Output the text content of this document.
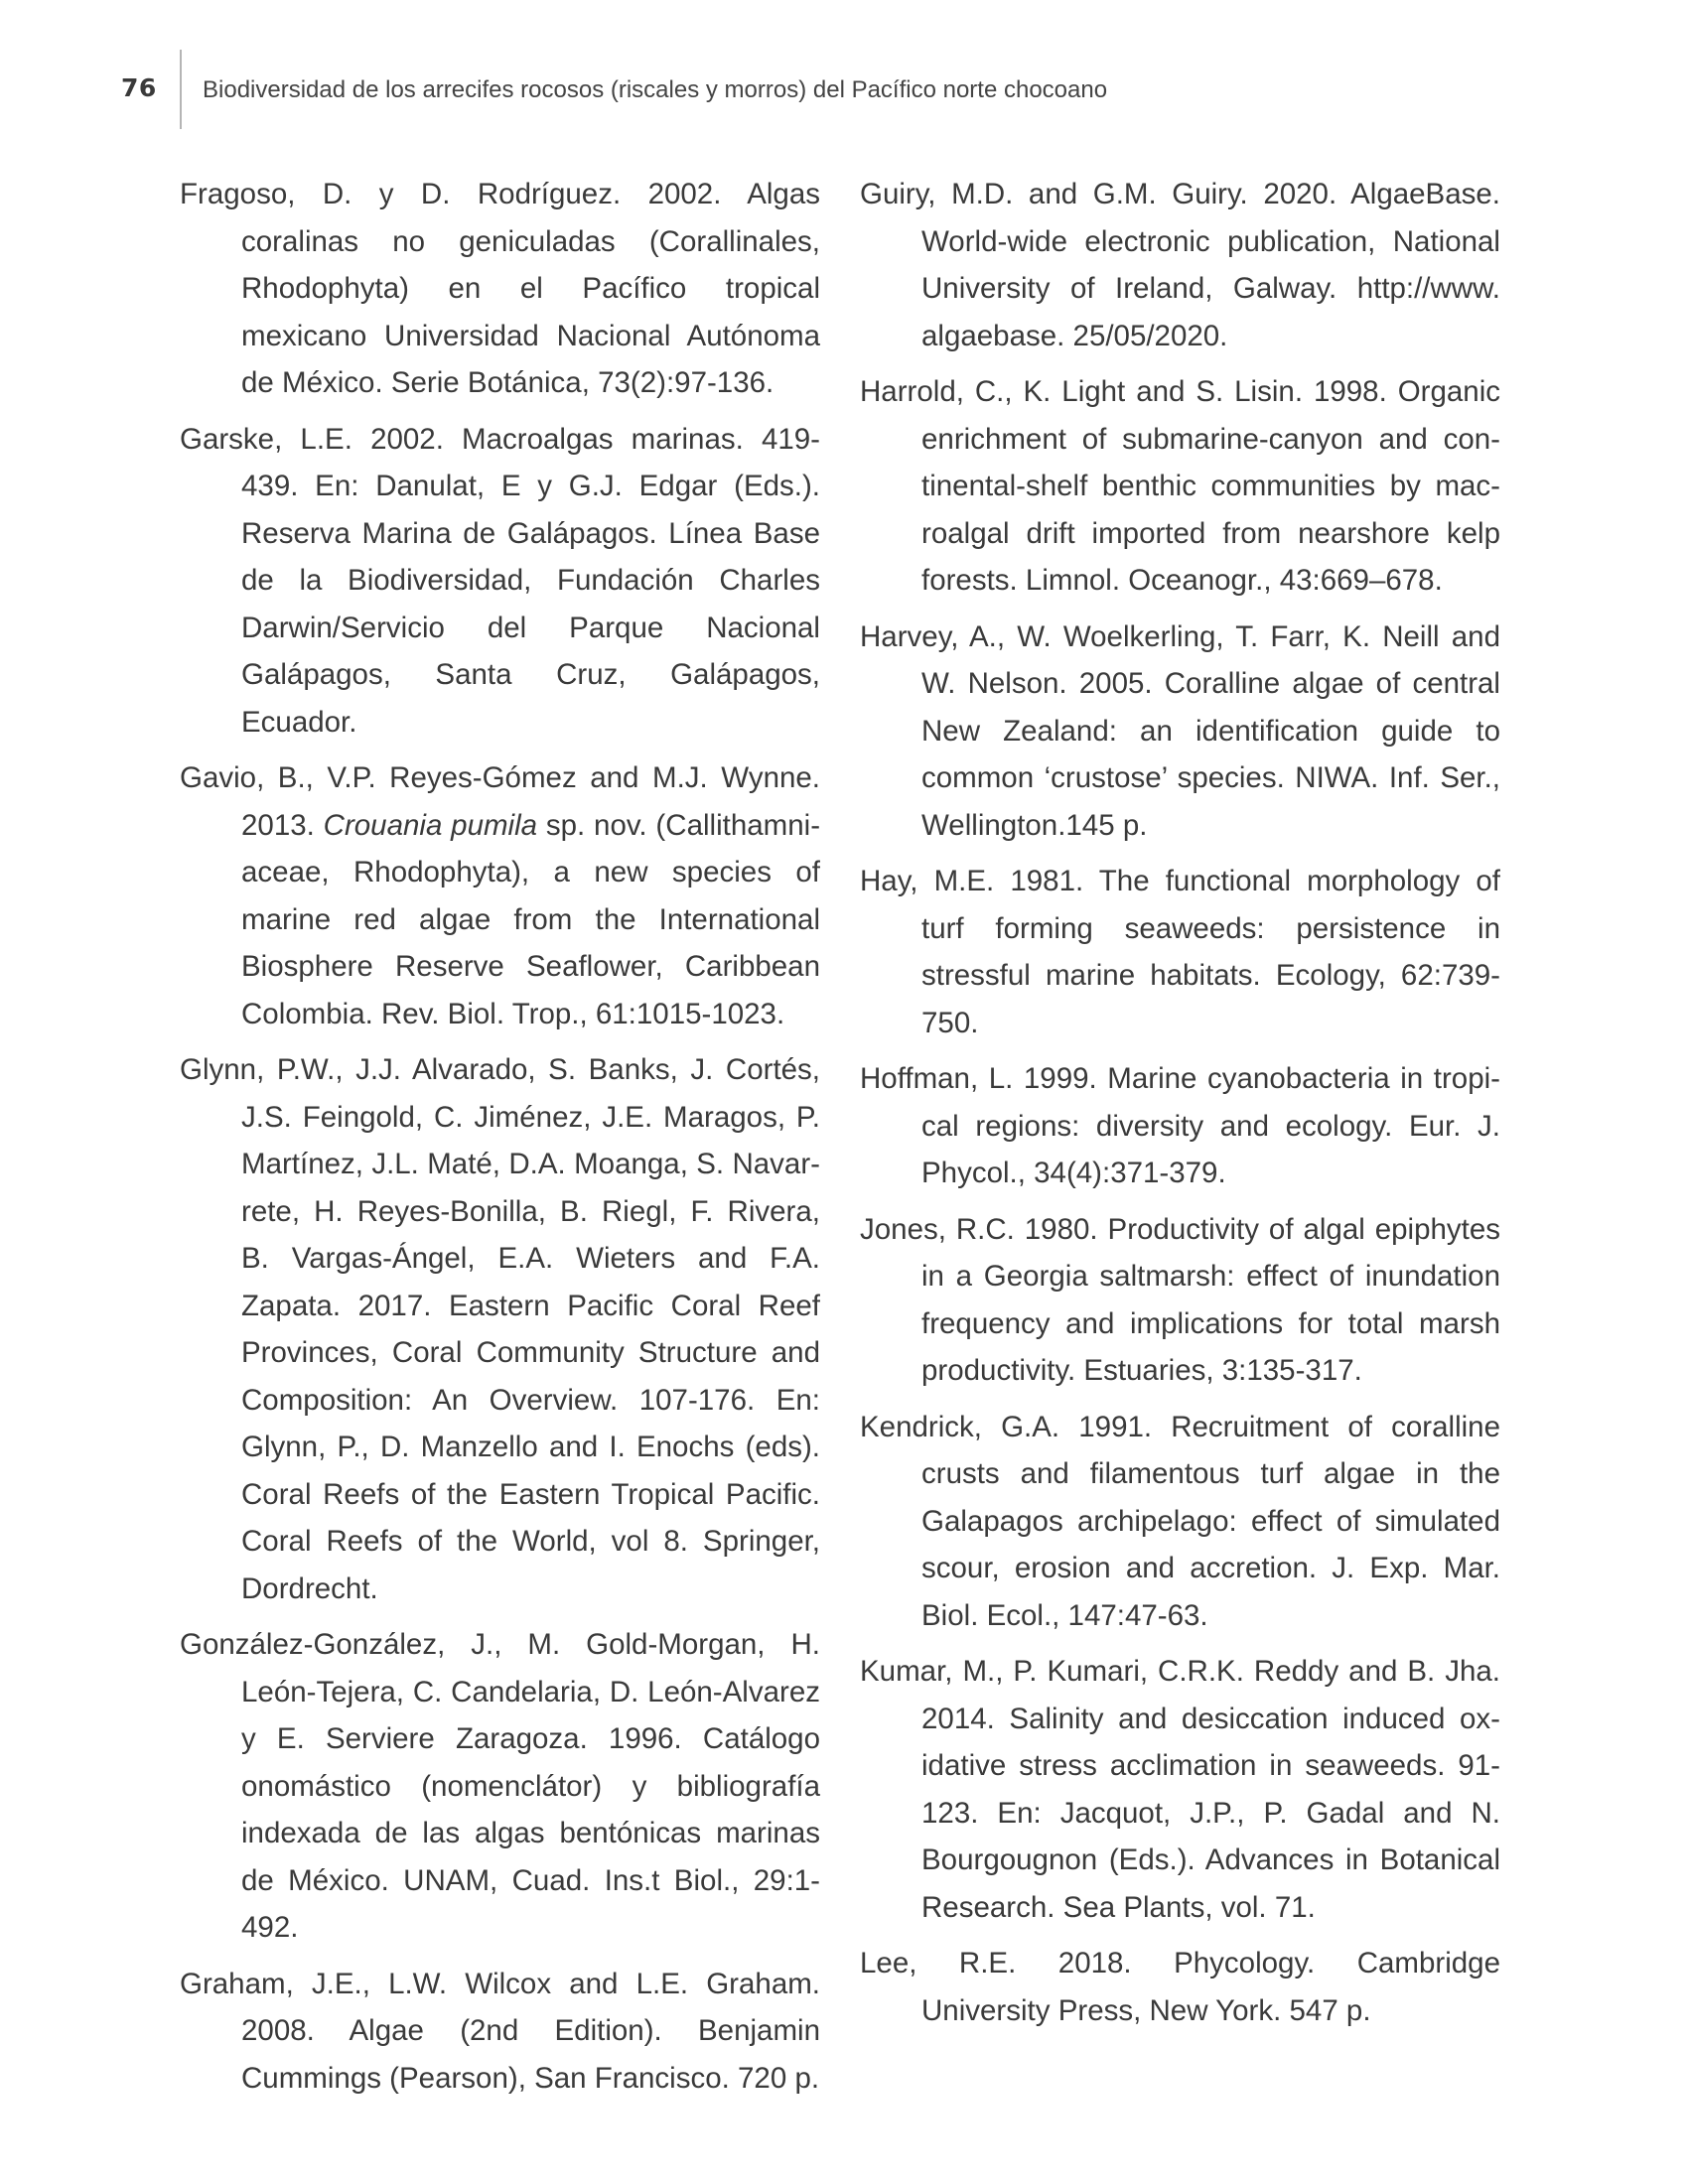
76 Biodiversidad de los arrecifes rocosos (riscales y morros) del Pacífico norte chocoano

Fragoso, D. y D. Rodríguez. 2002. Algas coralinas no geniculadas (Corallinales, Rhodophyta) en el Pacífico tropical mexicano Universidad Nacional Autónoma de México. Serie Botánica, 73(2):97-136.

Garske, L.E. 2002. Macroalgas marinas. 419-439. En: Danulat, E y G.J. Edgar (Eds.). Reserva Marina de Galápagos. Línea Base de la Biodiversidad, Fundación Charles Darwin/Servicio del Parque Nacional Galápagos, Santa Cruz, Galápagos, Ecuador.

Gavio, B., V.P. Reyes-Gómez and M.J. Wynne. 2013. Crouania pumila sp. nov. (Callithamniaceae, Rhodophyta), a new species of marine red algae from the International Biosphere Reserve Seaflower, Caribbean Colombia. Rev. Biol. Trop., 61:1015-1023.

Glynn, P.W., J.J. Alvarado, S. Banks, J. Cortés, J.S. Feingold, C. Jiménez, J.E. Maragos, P. Martínez, J.L. Maté, D.A. Moanga, S. Navarrete, H. Reyes-Bonilla, B. Riegl, F. Rivera, B. Vargas-Ángel, E.A. Wieters and F.A. Zapata. 2017. Eastern Pacific Coral Reef Provinces, Coral Community Structure and Composition: An Overview. 107-176. En: Glynn, P., D. Manzello and I. Enochs (eds). Coral Reefs of the Eastern Tropical Pacific. Coral Reefs of the World, vol 8. Springer, Dordrecht.

González-González, J., M. Gold-Morgan, H. León-Tejera, C. Candelaria, D. León-Alvarez y E. Serviere Zaragoza. 1996. Catálogo onomástico (nomenclátor) y bibliografía indexada de las algas bentónicas marinas de México. UNAM, Cuad. Ins.t Biol., 29:1-492.

Graham, J.E., L.W. Wilcox and L.E. Graham. 2008. Algae (2nd Edition). Benjamin Cummings (Pearson), San Francisco. 720 p.

Guiry, M.D. and G.M. Guiry. 2020. AlgaeBase. World-wide electronic publication, National University of Ireland, Galway. http://www. algaebase. 25/05/2020.

Harrold, C., K. Light and S. Lisin. 1998. Organic enrichment of submarine-canyon and continental-shelf benthic communities by macroalgal drift imported from nearshore kelp forests. Limnol. Oceanogr., 43:669–678.

Harvey, A., W. Woelkerling, T. Farr, K. Neill and W. Nelson. 2005. Coralline algae of central New Zealand: an identification guide to common ‘crustose’ species. NIWA. Inf. Ser., Wellington.145 p.

Hay, M.E. 1981. The functional morphology of turf forming seaweeds: persistence in stressful marine habitats. Ecology, 62:739-750.

Hoffman, L. 1999. Marine cyanobacteria in tropical regions: diversity and ecology. Eur. J. Phycol., 34(4):371-379.

Jones, R.C. 1980. Productivity of algal epiphytes in a Georgia saltmarsh: effect of inundation frequency and implications for total marsh productivity. Estuaries, 3:135-317.

Kendrick, G.A. 1991. Recruitment of coralline crusts and filamentous turf algae in the Galapagos archipelago: effect of simulated scour, erosion and accretion. J. Exp. Mar. Biol. Ecol., 147:47-63.

Kumar, M., P. Kumari, C.R.K. Reddy and B. Jha. 2014. Salinity and desiccation induced oxidative stress acclimation in seaweeds. 91-123. En: Jacquot, J.P., P. Gadal and N. Bourgougnon (Eds.). Advances in Botanical Research. Sea Plants, vol. 71.

Lee, R.E. 2018. Phycology. Cambridge University Press, New York. 547 p.
